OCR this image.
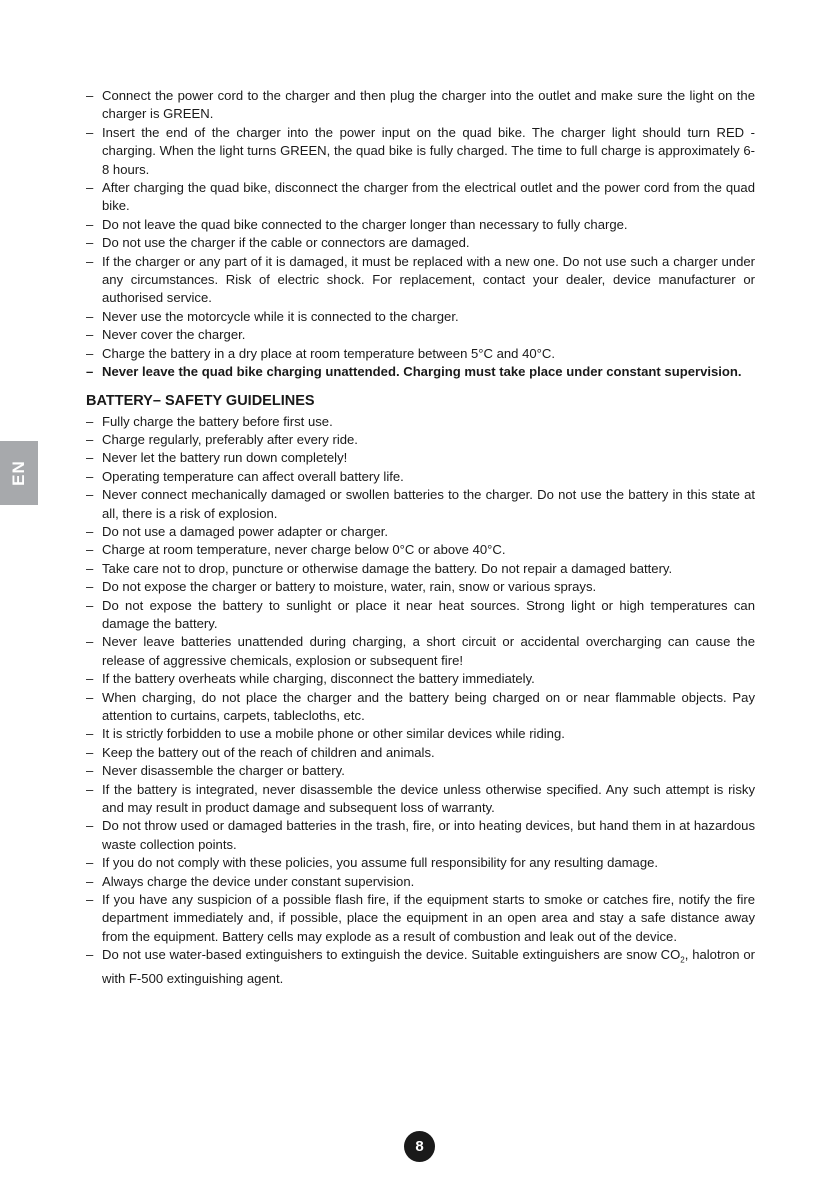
EN
– Connect the power cord to the charger and then plug the charger into the outlet and make sure the light on the charger is GREEN.
– Insert the end of the charger into the power input on the quad bike. The charger light should turn RED - charging. When the light turns GREEN, the quad bike is fully charged. The time to full charge is approximately 6-8 hours.
– After charging the quad bike, disconnect the charger from the electrical outlet and the power cord from the quad bike.
– Do not leave the quad bike connected to the charger longer than necessary to fully charge.
– Do not use the charger if the cable or connectors are damaged.
– If the charger or any part of it is damaged, it must be replaced with a new one. Do not use such a charger under any circumstances. Risk of electric shock. For replacement, contact your dealer, device manufacturer or authorised service.
– Never use the motorcycle while it is connected to the charger.
– Never cover the charger.
– Charge the battery in a dry place at room temperature between 5°C and 40°C.
– Never leave the quad bike charging unattended. Charging must take place under constant supervision.
BATTERY– SAFETY GUIDELINES
– Fully charge the battery before first use.
– Charge regularly, preferably after every ride.
– Never let the battery run down completely!
– Operating temperature can affect overall battery life.
– Never connect mechanically damaged or swollen batteries to the charger. Do not use the battery in this state at all, there is a risk of explosion.
– Do not use a damaged power adapter or charger.
– Charge at room temperature, never charge below 0°C or above 40°C.
– Take care not to drop, puncture or otherwise damage the battery. Do not repair a damaged battery.
– Do not expose the charger or battery to moisture, water, rain, snow or various sprays.
– Do not expose the battery to sunlight or place it near heat sources. Strong light or high temperatures can damage the battery.
– Never leave batteries unattended during charging, a short circuit or accidental overcharging can cause the release of aggressive chemicals, explosion or subsequent fire!
– If the battery overheats while charging, disconnect the battery immediately.
– When charging, do not place the charger and the battery being charged on or near flammable objects. Pay attention to curtains, carpets, tablecloths, etc.
– It is strictly forbidden to use a mobile phone or other similar devices while riding.
– Keep the battery out of the reach of children and animals.
– Never disassemble the charger or battery.
– If the battery is integrated, never disassemble the device unless otherwise specified. Any such attempt is risky and may result in product damage and subsequent loss of warranty.
– Do not throw used or damaged batteries in the trash, fire, or into heating devices, but hand them in at hazardous waste collection points.
– If you do not comply with these policies, you assume full responsibility for any resulting damage.
– Always charge the device under constant supervision.
– If you have any suspicion of a possible flash fire, if the equipment starts to smoke or catches fire, notify the fire department immediately and, if possible, place the equipment in an open area and stay a safe distance away from the equipment. Battery cells may explode as a result of combustion and leak out of the device.
– Do not use water-based extinguishers to extinguish the device. Suitable extinguishers are snow $CO_2$, halotron or with F-500 extinguishing agent.
8
